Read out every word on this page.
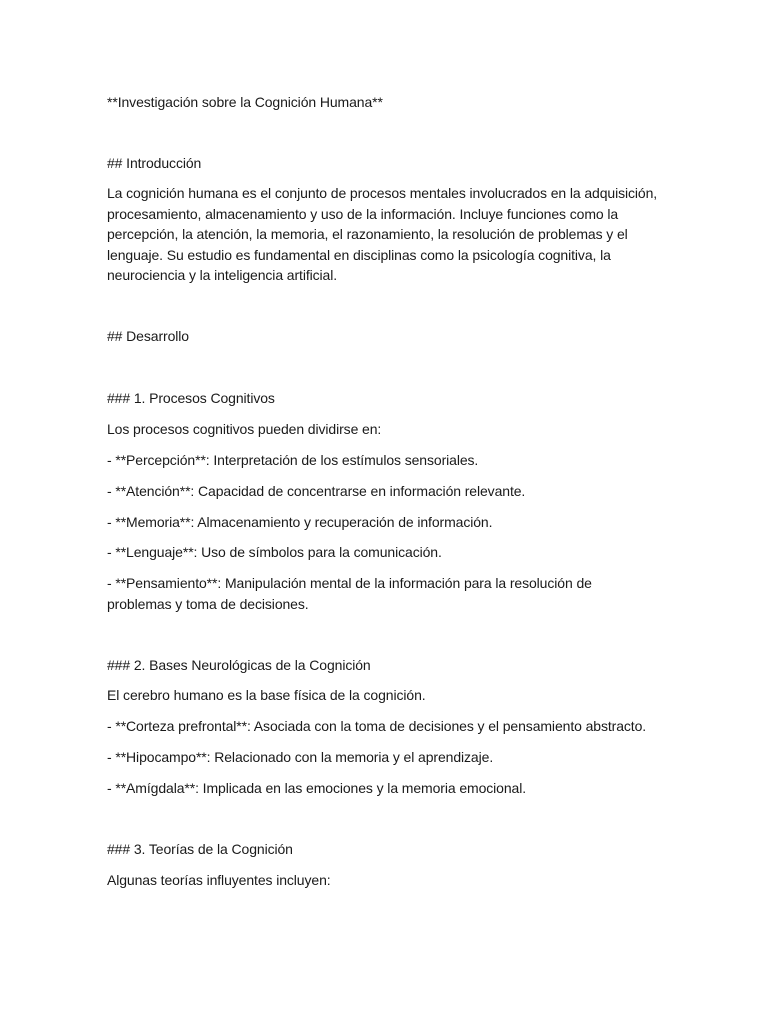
**Investigación sobre la Cognición Humana**
## Introducción
La cognición humana es el conjunto de procesos mentales involucrados en la adquisición,
procesamiento, almacenamiento y uso de la información. Incluye funciones como la
percepción, la atención, la memoria, el razonamiento, la resolución de problemas y el
lenguaje. Su estudio es fundamental en disciplinas como la psicología cognitiva, la
neurociencia y la inteligencia artificial.
## Desarrollo
### 1. Procesos Cognitivos
Los procesos cognitivos pueden dividirse en:
- **Percepción**: Interpretación de los estímulos sensoriales.
- **Atención**: Capacidad de concentrarse en información relevante.
- **Memoria**: Almacenamiento y recuperación de información.
- **Lenguaje**: Uso de símbolos para la comunicación.
- **Pensamiento**: Manipulación mental de la información para la resolución de
problemas y toma de decisiones.
### 2. Bases Neurológicas de la Cognición
El cerebro humano es la base física de la cognición.
- **Corteza prefrontal**: Asociada con la toma de decisiones y el pensamiento abstracto.
- **Hipocampo**: Relacionado con la memoria y el aprendizaje.
- **Amígdala**: Implicada en las emociones y la memoria emocional.
### 3. Teorías de la Cognición
Algunas teorías influyentes incluyen:
